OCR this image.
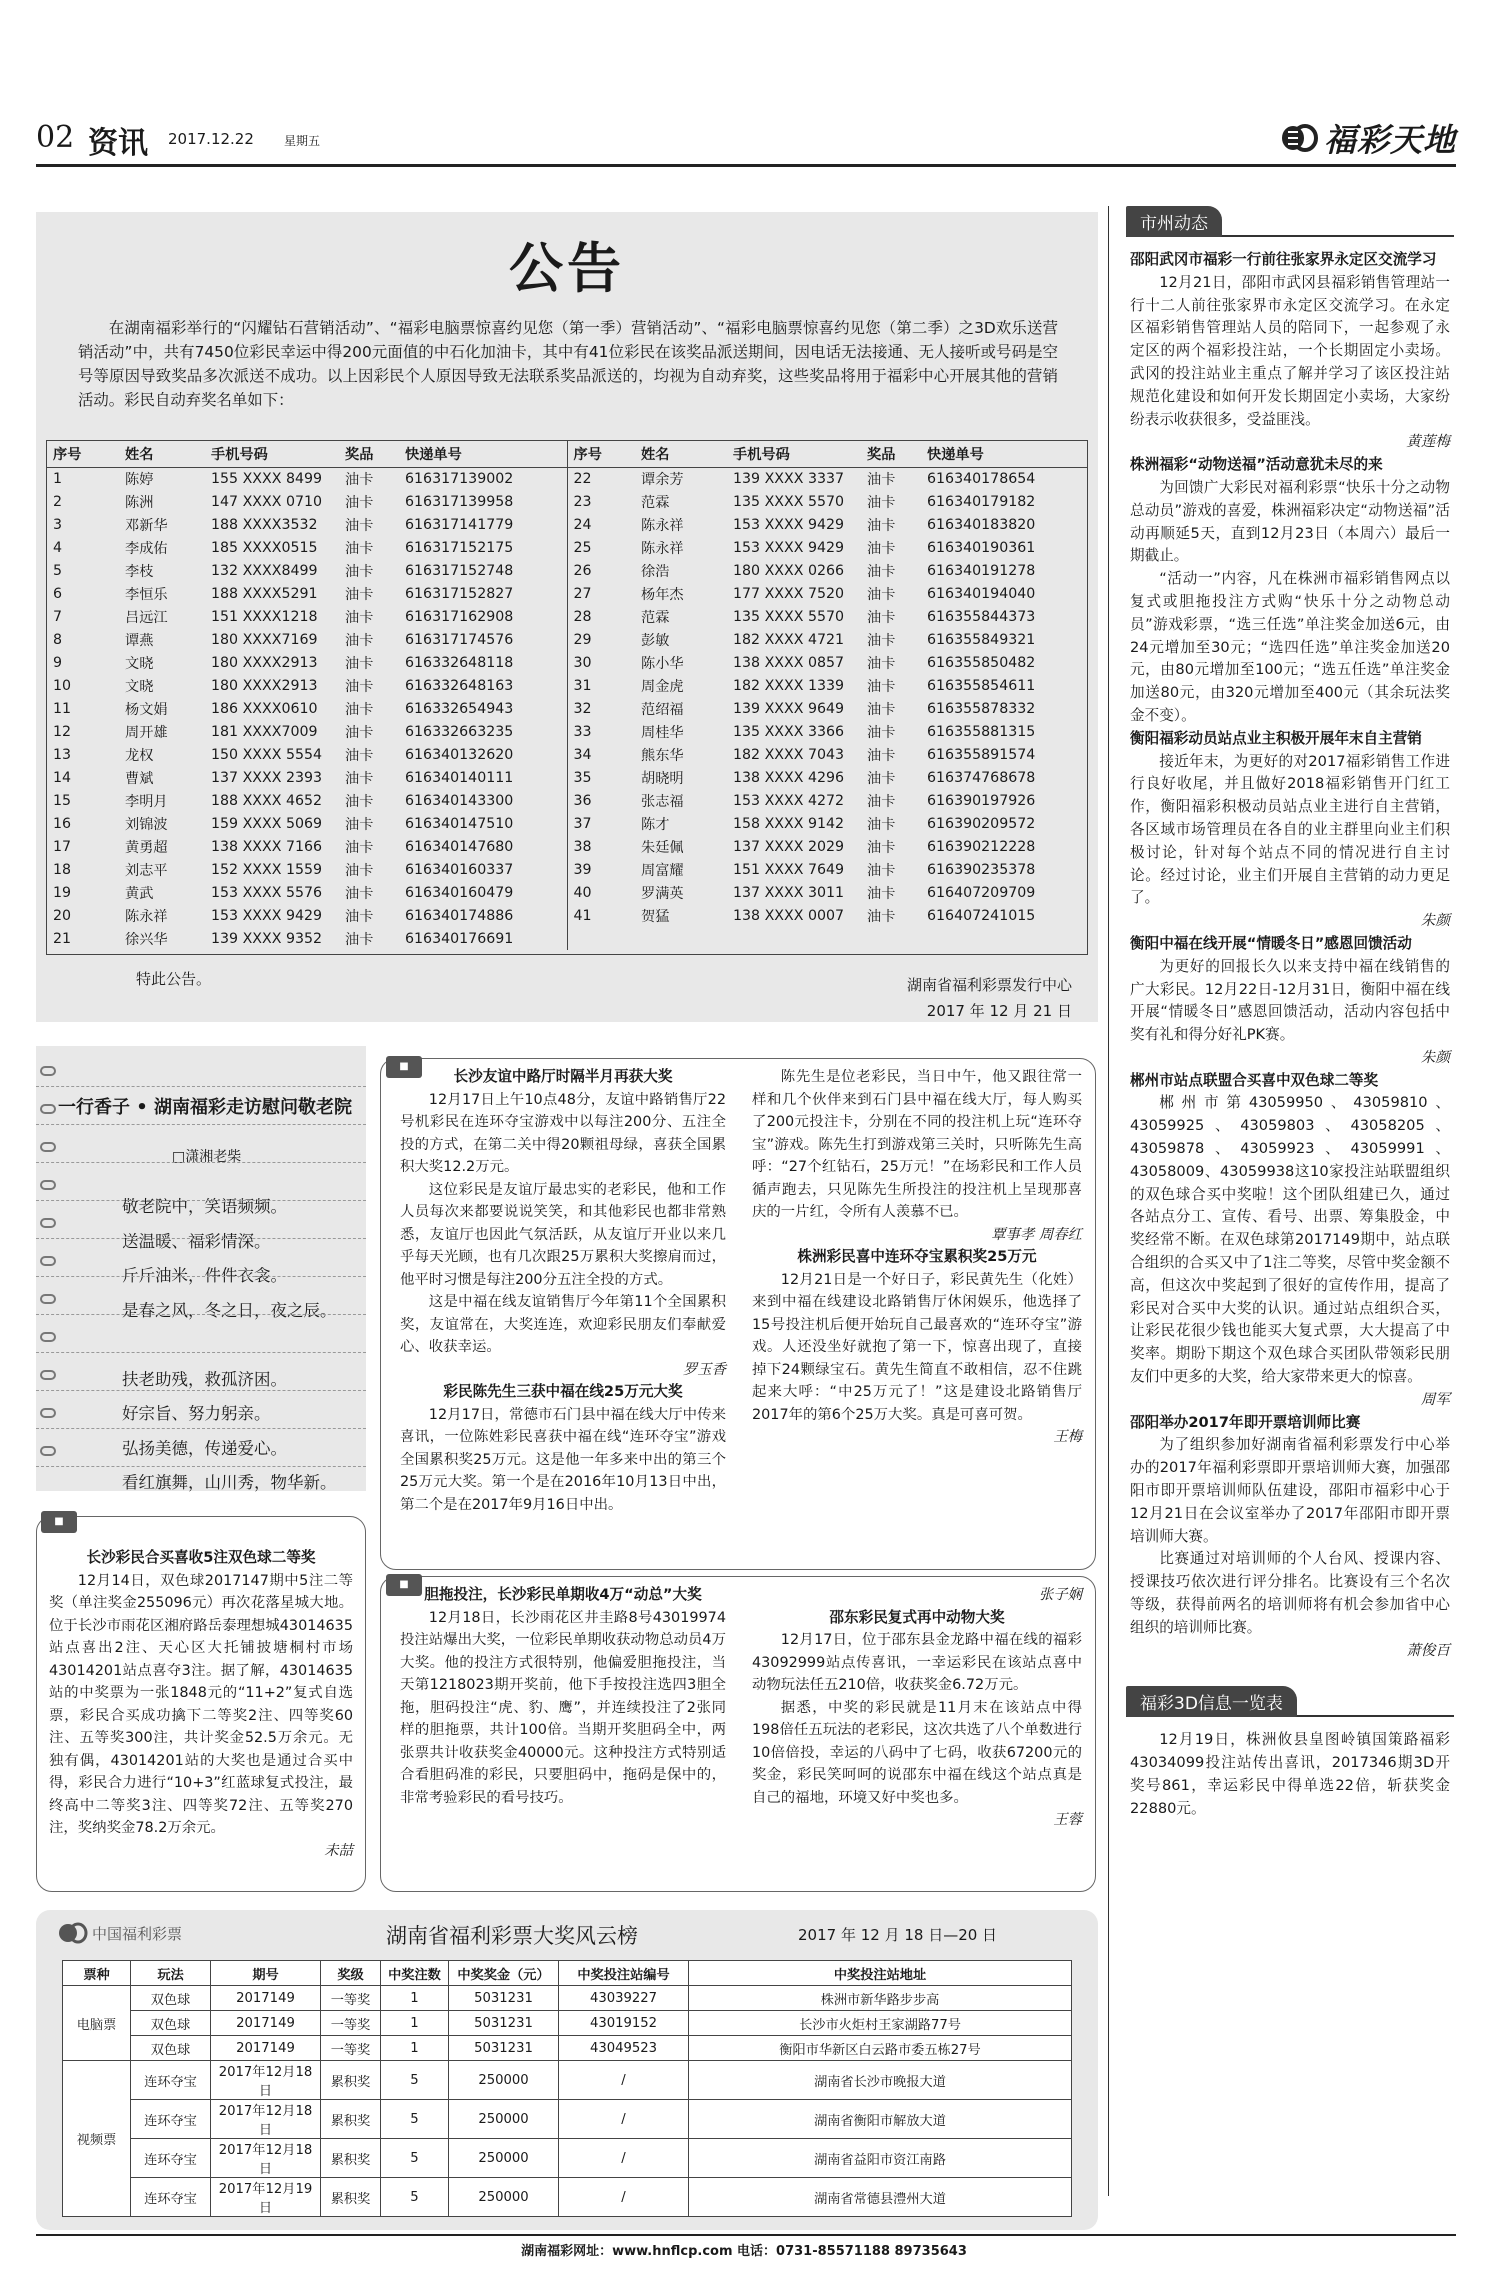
02 资讯 2017.12.22	星期五	福彩天地
公告
在湖南福彩举行的“闪耀钻石营销活动”、“福彩电脑票惊喜约见您（第一季）营销活动”、“福彩电脑票惊喜约见您（第二季）之3D欢乐送营销活动”中，共有7450位彩民幸运中得200元面值的中石化加油卡，其中有41位彩民在该奖品派送期间，因电话无法接通、无人接听或号码是空号等原因导致奖品多次派送不成功。以上因彩民个人原因导致无法联系奖品派送的，均视为自动弃奖，这些奖品将用于福彩中心开展其他的营销活动。彩民自动弃奖名单如下：
序号	姓名	手机号码	奖品	快递单号	序号	姓名	手机号码	奖品	快递单号
1	陈婷	155 XXXX 8499	油卡	616317139002	22	谭余芳	139 XXXX 3337	油卡	616340178654
2	陈洲	147 XXXX 0710	油卡	616317139958	23	范霖	135 XXXX 5570	油卡	616340179182
3	邓新华	188 XXXX3532	油卡	616317141779	24	陈永祥	153 XXXX 9429	油卡	616340183820
4	李成佑	185 XXXX0515	油卡	616317152175	25	陈永祥	153 XXXX 9429	油卡	616340190361
5	李枝	132 XXXX8499	油卡	616317152748	26	徐浩	180 XXXX 0266	油卡	616340191278
6	李恒乐	188 XXXX5291	油卡	616317152827	27	杨年杰	177 XXXX 7520	油卡	616340194040
7	吕远江	151 XXXX1218	油卡	616317162908	28	范霖	135 XXXX 5570	油卡	616355844373
8	谭燕	180 XXXX7169	油卡	616317174576	29	彭敏	182 XXXX 4721	油卡	616355849321
9	文晓	180 XXXX2913	油卡	616332648118	30	陈小华	138 XXXX 0857	油卡	616355850482
10	文晓	180 XXXX2913	油卡	616332648163	31	周金虎	182 XXXX 1339	油卡	616355854611
11	杨文娟	186 XXXX0610	油卡	616332654943	32	范绍福	139 XXXX 9649	油卡	616355878332
12	周开雄	181 XXXX7009	油卡	616332663235	33	周桂华	135 XXXX 3366	油卡	616355881315
13	龙权	150 XXXX 5554	油卡	616340132620	34	熊东华	182 XXXX 7043	油卡	616355891574
14	曹斌	137 XXXX 2393	油卡	616340140111	35	胡晓明	138 XXXX 4296	油卡	616374768678
15	李明月	188 XXXX 4652	油卡	616340143300	36	张志福	153 XXXX 4272	油卡	616390197926
16	刘锦波	159 XXXX 5069	油卡	616340147510	37	陈才	158 XXXX 9142	油卡	616390209572
17	黄勇超	138 XXXX 7166	油卡	616340147680	38	朱廷佩	137 XXXX 2029	油卡	616390212228
18	刘志平	152 XXXX 1559	油卡	616340160337	39	周富耀	151 XXXX 7649	油卡	616390235378
19	黄武	153 XXXX 5576	油卡	616340160479	40	罗满英	137 XXXX 3011	油卡	616407209709
20	陈永祥	153 XXXX 9429	油卡	616340174886	41	贺猛	138 XXXX 0007	油卡	616407241015
21	徐兴华	139 XXXX 9352	油卡	616340176691					
特此公告。	湖南省福利彩票发行中心
2017 年 12 月 21 日
一行香子 • 湖南福彩走访慰问敬老院
□潇湘老柴
敬老院中，笑语频频。
送温暖、福彩情深。
斤斤油米，件件衣衾。
是春之风，冬之日，夜之辰。
扶老助残，救孤济困。
好宗旨、努力躬亲。
弘扬美德，传递爱心。
看红旗舞，山川秀，物华新。
■
长沙彩民合买喜收5注双色球二等奖
12月14日，双色球2017147期中5注二等奖（单注奖金255096元）再次花落星城大地。位于长沙市雨花区湘府路岳泰理想城43014635站点喜出2注、天心区大托铺披塘桐村市场43014201站点喜夺3注。据了解，43014635站的中奖票为一张1848元的“11+2”复式自选票，彩民合买成功擒下二等奖2注、四等奖60注、五等奖300注，共计奖金52.5万余元。无独有偶，43014201站的大奖也是通过合买中得，彩民合力进行“10+3”红蓝球复式投注，最终高中二等奖3注、四等奖72注、五等奖270注，奖纳奖金78.2万余元。
未喆
■
长沙友谊中路厅时隔半月再获大奖
12月17日上午10点48分，友谊中路销售厅22号机彩民在连环夺宝游戏中以每注200分、五注全投的方式，在第二关中得20颗祖母绿，喜获全国累积大奖12.2万元。
这位彩民是友谊厅最忠实的老彩民，他和工作人员每次来都要说说笑笑，和其他彩民也都非常熟悉，友谊厅也因此气氛活跃，从友谊厅开业以来几乎每天光顾，也有几次跟25万累积大奖擦肩而过，他平时习惯是每注200分五注全投的方式。
这是中福在线友谊销售厅今年第11个全国累积奖，友谊常在，大奖连连，欢迎彩民朋友们奉献爱心、收获幸运。
罗玉香
彩民陈先生三获中福在线25万元大奖
12月17日，常德市石门县中福在线大厅中传来喜讯，一位陈姓彩民喜获中福在线“连环夺宝”游戏全国累积奖25万元。这是他一年多来中出的第三个25万元大奖。第一个是在2016年10月13日中出，第二个是在2017年9月16日中出。
陈先生是位老彩民，当日中午，他又跟往常一样和几个伙伴来到石门县中福在线大厅，每人购买了200元投注卡，分别在不同的投注机上玩“连环夺宝”游戏。陈先生打到游戏第三关时，只听陈先生高呼：“27个红钻石，25万元！”在场彩民和工作人员循声跑去，只见陈先生所投注的投注机上呈现那喜庆的一片红，令所有人羡慕不已。
覃事孝 周春红
株洲彩民喜中连环夺宝累积奖25万元
12月21日是一个好日子，彩民黄先生（化姓）来到中福在线建设北路销售厅休闲娱乐，他选择了15号投注机后便开始玩自己最喜欢的“连环夺宝”游戏。人还没坐好就抱了第一下，惊喜出现了，直接掉下24颗绿宝石。黄先生简直不敢相信，忍不住跳起来大呼：“中25万元了！”这是建设北路销售厅2017年的第6个25万大奖。真是可喜可贺。
王梅
■
胆拖投注，长沙彩民单期收4万“动总”大奖
12月18日，长沙雨花区井圭路8号43019974投注站爆出大奖，一位彩民单期收获动物总动员4万大奖。他的投注方式很特别，他偏爱胆拖投注，当天第1218023期开奖前，他下手按投注选四3胆全拖，胆码投注“虎、豹、鹰”，并连续投注了2张同样的胆拖票，共计100倍。当期开奖胆码全中，两张票共计收获奖金40000元。这种投注方式特别适合看胆码准的彩民，只要胆码中，拖码是保中的，非常考验彩民的看号技巧。
张子娴
邵东彩民复式再中动物大奖
12月17日，位于邵东县金龙路中福在线的福彩43092999站点传喜讯，一幸运彩民在该站点喜中动物玩法任五210倍，收获奖金6.72万元。
据悉，中奖的彩民就是11月末在该站点中得198倍任五玩法的老彩民，这次共选了八个单数进行10倍倍投，幸运的八码中了七码，收获67200元的奖金，彩民笑呵呵的说邵东中福在线这个站点真是自己的福地，环境又好中奖也多。
王蓉
中国福利彩票	湖南省福利彩票大奖风云榜	2017 年 12 月 18 日—20 日
票种	玩法	期号	奖级	中奖注数	中奖奖金（元）	中奖投注站编号	中奖投注站地址
电脑票	双色球	2017149	一等奖	1	5031231	43039227	株洲市新华路步步高
	双色球	2017149	一等奖	1	5031231	43019152	长沙市火炬村王家湖路77号
	双色球	2017149	一等奖	1	5031231	43049523	衡阳市华新区白云路市委五栋27号
视频票	连环夺宝	2017年12月18日	累积奖	5	250000	/	湖南省长沙市晚报大道
	连环夺宝	2017年12月18日	累积奖	5	250000	/	湖南省衡阳市解放大道
	连环夺宝	2017年12月18日	累积奖	5	250000	/	湖南省益阳市资江南路
	连环夺宝	2017年12月19日	累积奖	5	250000	/	湖南省常德县澧州大道
市州动态
邵阳武冈市福彩一行前往张家界永定区交流学习
12月21日，邵阳市武冈县福彩销售管理站一行十二人前往张家界市永定区交流学习。在永定区福彩销售管理站人员的陪同下，一起参观了永定区的两个福彩投注站，一个长期固定小卖场。武冈的投注站业主重点了解并学习了该区投注站规范化建设和如何开发长期固定小卖场，大家纷纷表示收获很多，受益匪浅。
黄莲梅
株洲福彩“动物送福”活动意犹未尽的来
为回馈广大彩民对福利彩票“快乐十分之动物总动员”游戏的喜爱，株洲福彩决定“动物送福”活动再顺延5天，直到12月23日（本周六）最后一期截止。
“活动一”内容，凡在株洲市福彩销售网点以复式或胆拖投注方式购“快乐十分之动物总动员”游戏彩票，“选三任选”单注奖金加送6元，由24元增加至30元；“选四任选”单注奖金加送20元，由80元增加至100元；“选五任选”单注奖金加送80元，由320元增加至400元（其余玩法奖金不变）。
衡阳福彩动员站点业主积极开展年末自主营销
接近年末，为更好的对2017福彩销售工作进行良好收尾，并且做好2018福彩销售开门红工作，衡阳福彩积极动员站点业主进行自主营销，各区域市场管理员在各自的业主群里向业主们积极讨论，针对每个站点不同的情况进行自主讨论。经过讨论，业主们开展自主营销的动力更足了。
朱颜
衡阳中福在线开展“情暖冬日”感恩回馈活动
为更好的回报长久以来支持中福在线销售的广大彩民。12月22日-12月31日，衡阳中福在线开展“情暖冬日”感恩回馈活动，活动内容包括中奖有礼和得分好礼PK赛。
朱颜
郴州市站点联盟合买喜中双色球二等奖
郴州市第43059950、43059810、43059925、43059803、43058205、43059878、43059923、43059991、43058009、43059938这10家投注站联盟组织的双色球合买中奖啦！这个团队组建已久，通过各站点分工、宣传、看号、出票、筹集股金，中奖经常不断。在双色球第2017149期中，站点联合组织的合买又中了1注二等奖，尽管中奖金额不高，但这次中奖起到了很好的宣传作用，提高了彩民对合买中大奖的认识。通过站点组织合买，让彩民花很少钱也能买大复式票，大大提高了中奖率。期盼下期这个双色球合买团队带领彩民朋友们中更多的大奖，给大家带来更大的惊喜。
周军
邵阳举办2017年即开票培训师比赛
为了组织参加好湖南省福利彩票发行中心举办的2017年福利彩票即开票培训师大赛，加强邵阳市即开票培训师队伍建设，邵阳市福彩中心于12月21日在会议室举办了2017年邵阳市即开票培训师大赛。
比赛通过对培训师的个人台风、授课内容、授课技巧依次进行评分排名。比赛设有三个名次等级，获得前两名的培训师将有机会参加省中心组织的培训师比赛。
萧俊百
福彩3D信息一览表
12月19日，株洲攸县皇图岭镇国策路福彩43034099投注站传出喜讯，2017346期3D开奖号861，幸运彩民中得单选22倍，斩获奖金22880元。
湖南福彩网址：www.hnflcp.com 电话：0731-85571188 89735643
